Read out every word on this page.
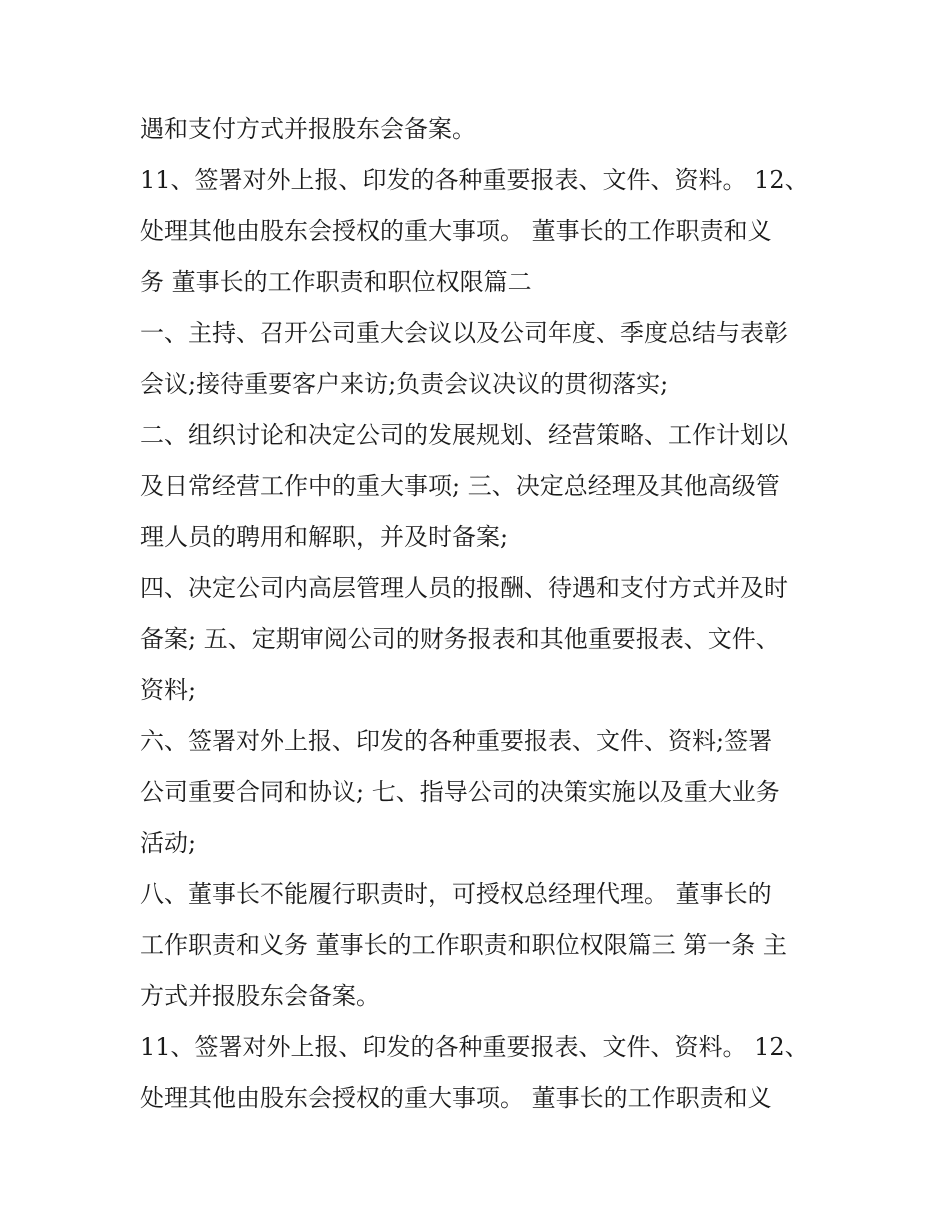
遇和支付方式并报股东会备案。
11、签署对外上报、印发的各种重要报表、文件、资料。 12、
处理其他由股东会授权的重大事项。 董事长的工作职责和义
务 董事长的工作职责和职位权限篇二
一、主持、召开公司重大会议以及公司年度、季度总结与表彰
会议;接待重要客户来访;负责会议决议的贯彻落实;
二、组织讨论和决定公司的发展规划、经营策略、工作计划以
及日常经营工作中的重大事项; 三、决定总经理及其他高级管
理人员的聘用和解职，并及时备案;
四、决定公司内高层管理人员的报酬、待遇和支付方式并及时
备案; 五、定期审阅公司的财务报表和其他重要报表、文件、
资料;
六、签署对外上报、印发的各种重要报表、文件、资料;签署
公司重要合同和协议; 七、指导公司的决策实施以及重大业务
活动;
八、董事长不能履行职责时，可授权总经理代理。 董事长的
工作职责和义务 董事长的工作职责和职位权限篇三 第一条 主
方式并报股东会备案。
11、签署对外上报、印发的各种重要报表、文件、资料。 12、
处理其他由股东会授权的重大事项。 董事长的工作职责和义
